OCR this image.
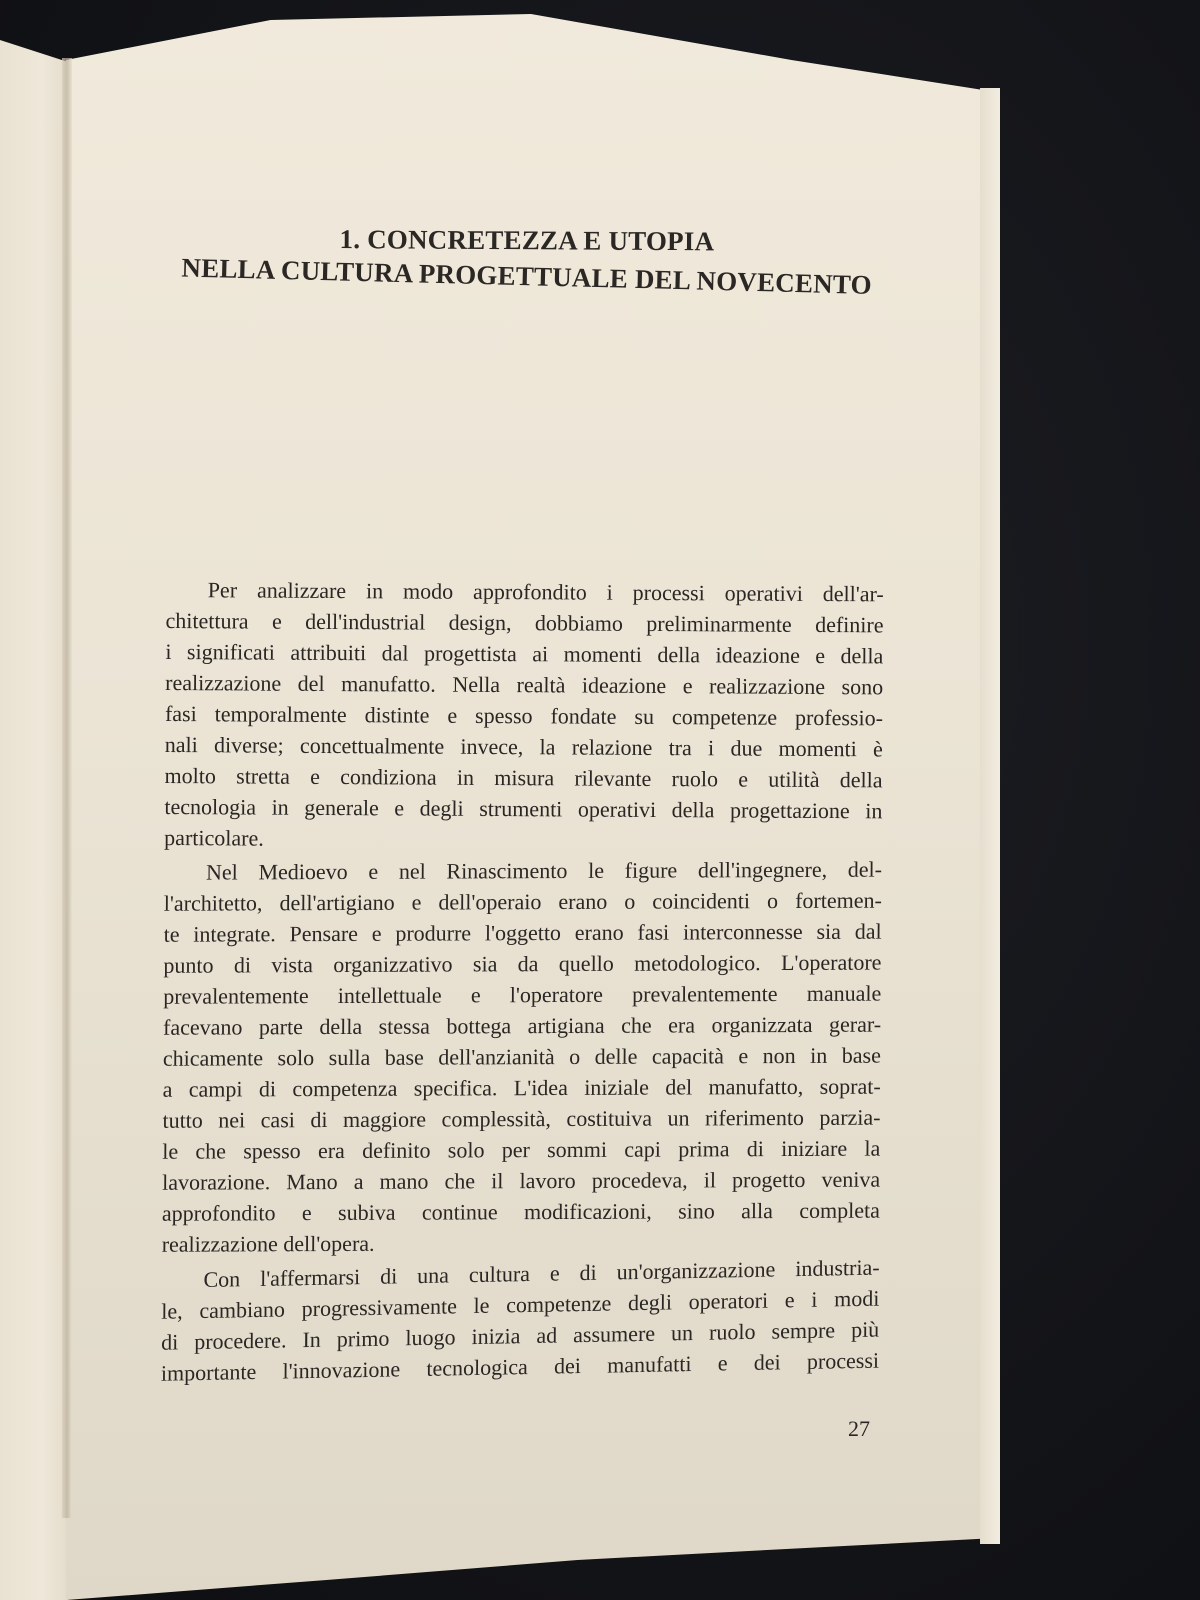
1. CONCRETEZZA E UTOPIA
NELLA CULTURA PROGETTUALE DEL NOVECENTO
Per analizzare in modo approfondito i processi operativi dell'ar-
chitettura e dell'industrial design, dobbiamo preliminarmente definire
i significati attribuiti dal progettista ai momenti della ideazione e della
realizzazione del manufatto. Nella realtà ideazione e realizzazione sono
fasi temporalmente distinte e spesso fondate su competenze professio-
nali diverse; concettualmente invece, la relazione tra i due momenti è
molto stretta e condiziona in misura rilevante ruolo e utilità della
tecnologia in generale e degli strumenti operativi della progettazione in
particolare.
Nel Medioevo e nel Rinascimento le figure dell'ingegnere, del-
l'architetto, dell'artigiano e dell'operaio erano o coincidenti o fortemen-
te integrate. Pensare e produrre l'oggetto erano fasi interconnesse sia dal
punto di vista organizzativo sia da quello metodologico. L'operatore
prevalentemente intellettuale e l'operatore prevalentemente manuale
facevano parte della stessa bottega artigiana che era organizzata gerar-
chicamente solo sulla base dell'anzianità o delle capacità e non in base
a campi di competenza specifica. L'idea iniziale del manufatto, soprat-
tutto nei casi di maggiore complessità, costituiva un riferimento parzia-
le che spesso era definito solo per sommi capi prima di iniziare la
lavorazione. Mano a mano che il lavoro procedeva, il progetto veniva
approfondito e subiva continue modificazioni, sino alla completa
realizzazione dell'opera.
Con l'affermarsi di una cultura e di un'organizzazione industria-
le, cambiano progressivamente le competenze degli operatori e i modi
di procedere. In primo luogo inizia ad assumere un ruolo sempre più
importante l'innovazione tecnologica dei manufatti e dei processi
27
